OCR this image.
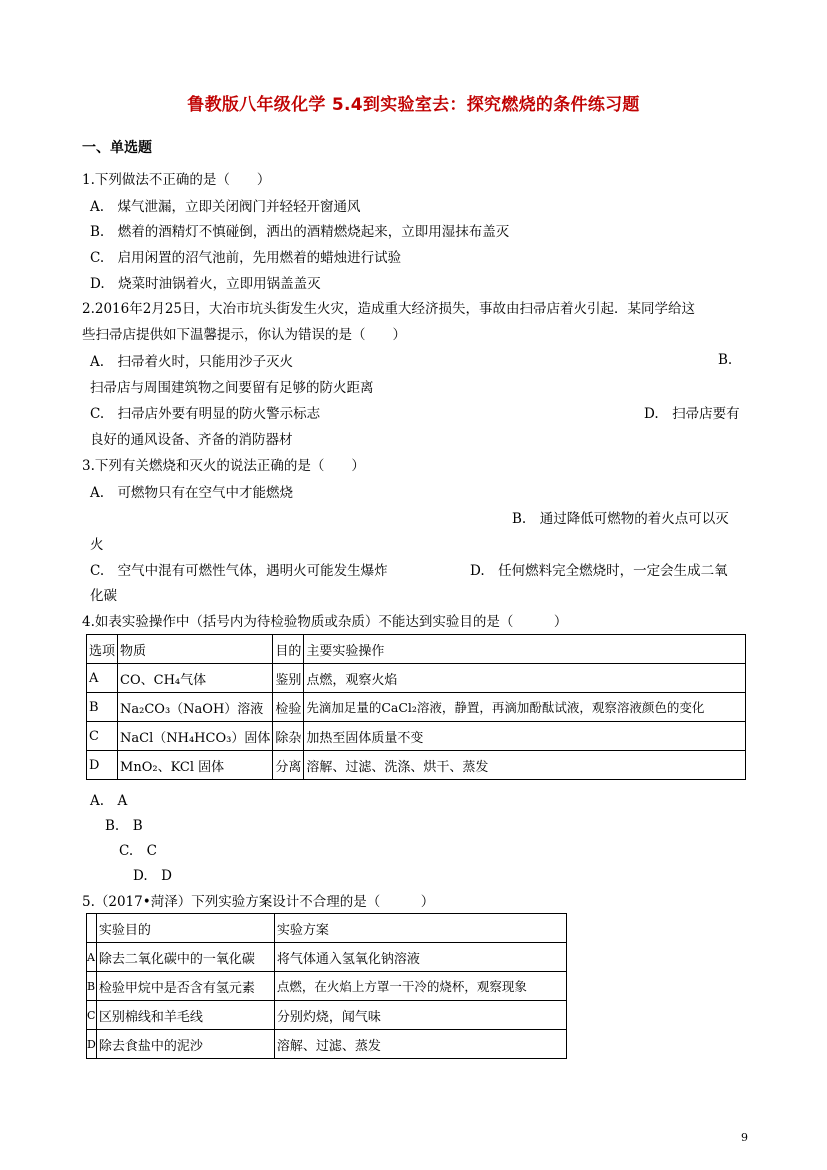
鲁教版八年级化学 5.4到实验室去：探究燃烧的条件练习题
一、单选题
1.下列做法不正确的是（　　）
A.　煤气泄漏，立即关闭阀门并轻轻开窗通风
B.　燃着的酒精灯不慎碰倒，洒出的酒精燃烧起来，立即用湿抹布盖灭
C.　启用闲置的沼气池前，先用燃着的蜡烛进行试验
D.　烧菜时油锅着火，立即用锅盖盖灭
2.2016年2月25日，大冶市坑头街发生火灾，造成重大经济损失，事故由扫帚店着火引起．某同学给这
些扫帚店提供如下温馨提示，你认为错误的是（　　）
A.　扫帚着火时，只能用沙子灭火	B.
扫帚店与周围建筑物之间要留有足够的防火距离
C.　扫帚店外要有明显的防火警示标志	D.　扫帚店要有
良好的通风设备、齐备的消防器材
3.下列有关燃烧和灭火的说法正确的是（　　）
A.　可燃物只有在空气中才能燃烧
B.　通过降低可燃物的着火点可以灭
火
C.　空气中混有可燃性气体，遇明火可能发生爆炸	D.　任何燃料完全燃烧时，一定会生成二氧
化碳
4.如表实验操作中（括号内为待检验物质或杂质）不能达到实验目的是（　　　）
选项	物质	目的	主要实验操作
A	CO、CH₄气体	鉴别	点燃，观察火焰
B	Na₂CO₃（NaOH）溶液	检验	先滴加足量的CaCl₂溶液，静置，再滴加酚酞试液，观察溶液颜色的变化
C	NaCl（NH₄HCO₃）固体	除杂	加热至固体质量不变
D	MnO₂、KCl 固体	分离	溶解、过滤、洗涤、烘干、蒸发
A.　A
B.　B
C.　C
D.　D
5.（2017•菏泽）下列实验方案设计不合理的是（　　　）
	实验目的	实验方案
A	除去二氧化碳中的一氧化碳	将气体通入氢氧化钠溶液
B	检验甲烷中是否含有氢元素	点燃，在火焰上方罩一干冷的烧杯，观察现象
C	区别棉线和羊毛线	分别灼烧，闻气味
D	除去食盐中的泥沙	溶解、过滤、蒸发
9
